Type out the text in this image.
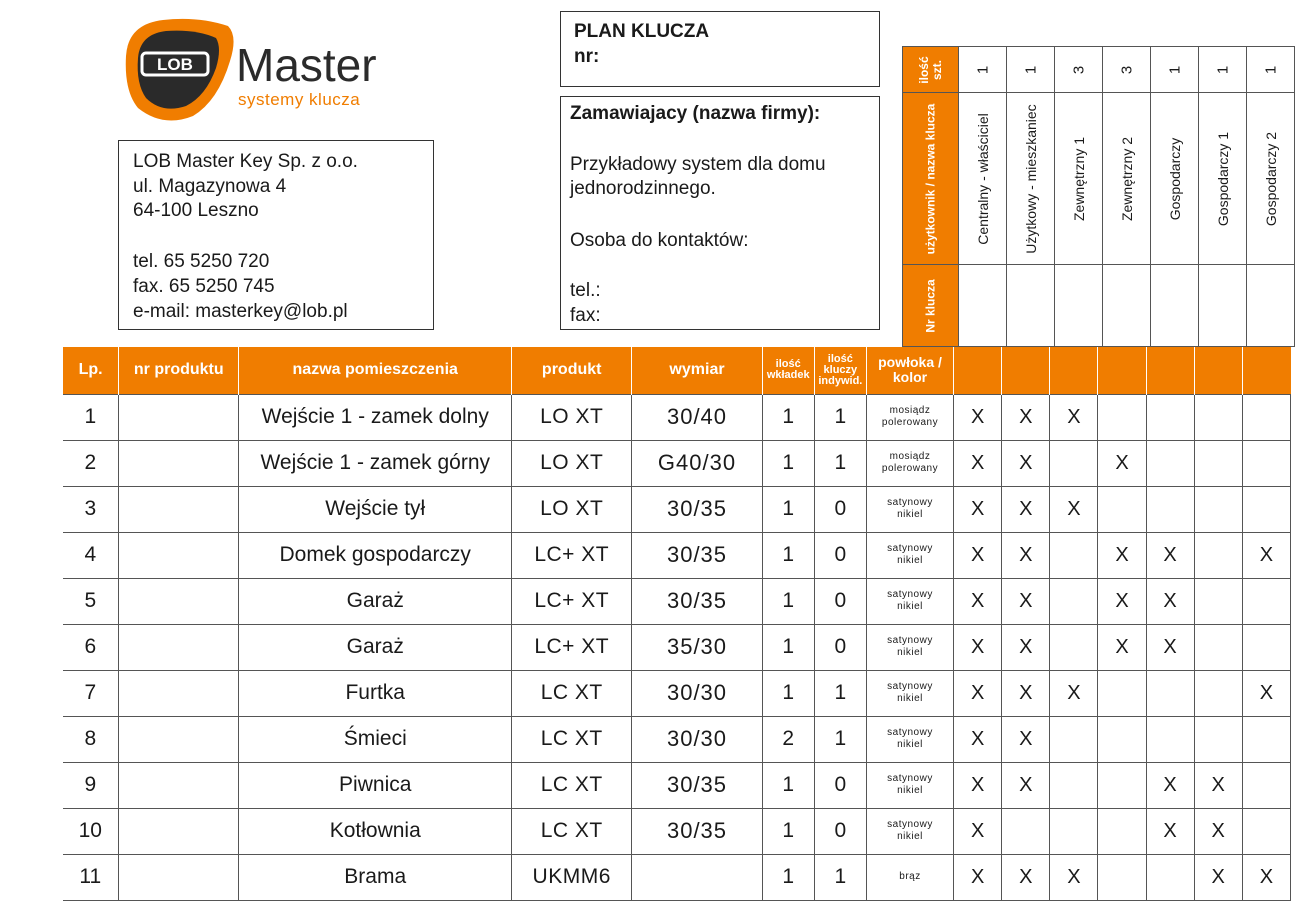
LOB Master
systemy klucza
LOB Master Key Sp. z o.o.
ul. Magazynowa 4
64-100 Leszno
tel. 65 5250 720
fax. 65 5250 745
e-mail: masterkey@lob.pl
PLAN KLUCZA
nr:
Zamawiajacy (nazwa firmy):
Przykładowy system dla domu
jednorodzinnego.
Osoba do kontaktów:
tel.:
fax:
ilość szt.	1	1	3	3	1	1	1

użytkownik / nazwa klucza	Centralny - właściciel	Użytkowy - mieszkaniec	Zewnętrzny 1	Zewnętrzny 2	Gospodarczy	Gospodarczy 1	Gospodarczy 2

Nr klucza							

Lp.	nr produktu	nazwa pomieszczenia	produkt	wymiar	ilość
wkładek	ilość
kluczy
indywid.	powłoka /
kolor							
1		Wejście 1 - zamek dolny	LO XT	30/40	1	1	mosiądz
polerowany	X	X	X				
2		Wejście 1 - zamek górny	LO XT	G40/30	1	1	mosiądz
polerowany	X	X		X			
3		Wejście tył	LO XT	30/35	1	0	satynowy
nikiel	X	X	X				
4		Domek gospodarczy	LC+ XT	30/35	1	0	satynowy
nikiel	X	X		X	X		X
5		Garaż	LC+ XT	30/35	1	0	satynowy
nikiel	X	X		X	X		
6		Garaż	LC+ XT	35/30	1	0	satynowy
nikiel	X	X		X	X		
7		Furtka	LC XT	30/30	1	1	satynowy
nikiel	X	X	X				X
8		Śmieci	LC XT	30/30	2	1	satynowy
nikiel	X	X					
9		Piwnica	LC XT	30/35	1	0	satynowy
nikiel	X	X			X	X	
10		Kotłownia	LC XT	30/35	1	0	satynowy
nikiel	X				X	X	
11		Brama	UKMM6		1	1	brąz	X	X	X			X	X
